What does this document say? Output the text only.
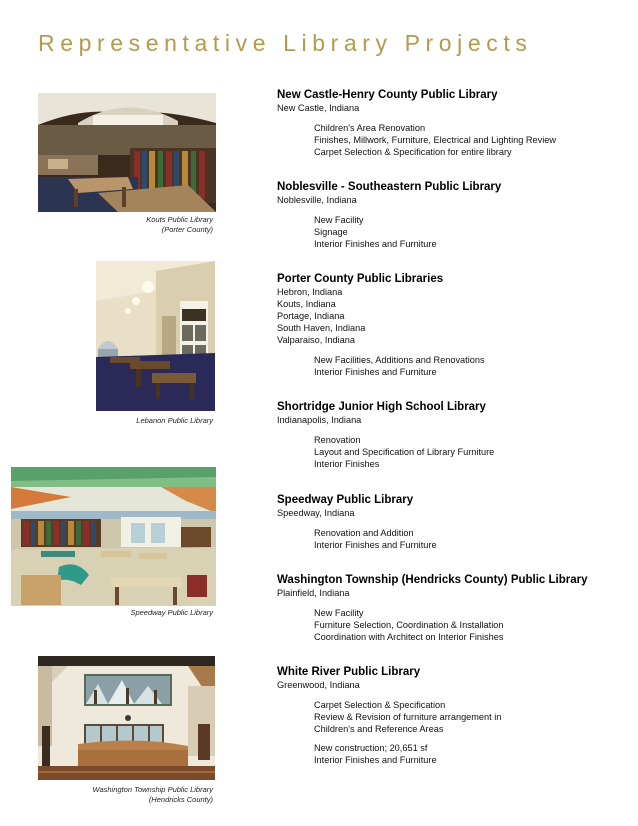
Representative Library Projects
Kouts Public Library
(Porter County)
Lebanon Public Library
Speedway Public Library
Washington Township Public Library
(Hendricks County)
New Castle-Henry County Public Library
New Castle, Indiana
Children's Area Renovation
Finishes, Millwork, Furniture, Electrical and Lighting Review
Carpet Selection & Specification for entire library
Noblesville - Southeastern Public Library
Noblesville, Indiana
New Facility
Signage
Interior Finishes and Furniture
Porter County Public Libraries
Hebron, Indiana
Kouts, Indiana
Portage, Indiana
South Haven, Indiana
Valparaiso, Indiana
New Facilities, Additions and Renovations
Interior Finishes and Furniture
Shortridge Junior High School Library
Indianapolis, Indiana
Renovation
Layout and Specification of Library Furniture
Interior Finishes
Speedway Public Library
Speedway, Indiana
Renovation and Addition
Interior Finishes and Furniture
Washington Township (Hendricks County) Public Library
Plainfield, Indiana
New Facility
Furniture Selection, Coordination & Installation
Coordination with Architect on Interior Finishes
White River Public Library
Greenwood, Indiana
Carpet Selection & Specification
Review & Revision of furniture arrangement in
Children's and Reference Areas
New construction; 20,651 sf
Interior Finishes and Furniture
